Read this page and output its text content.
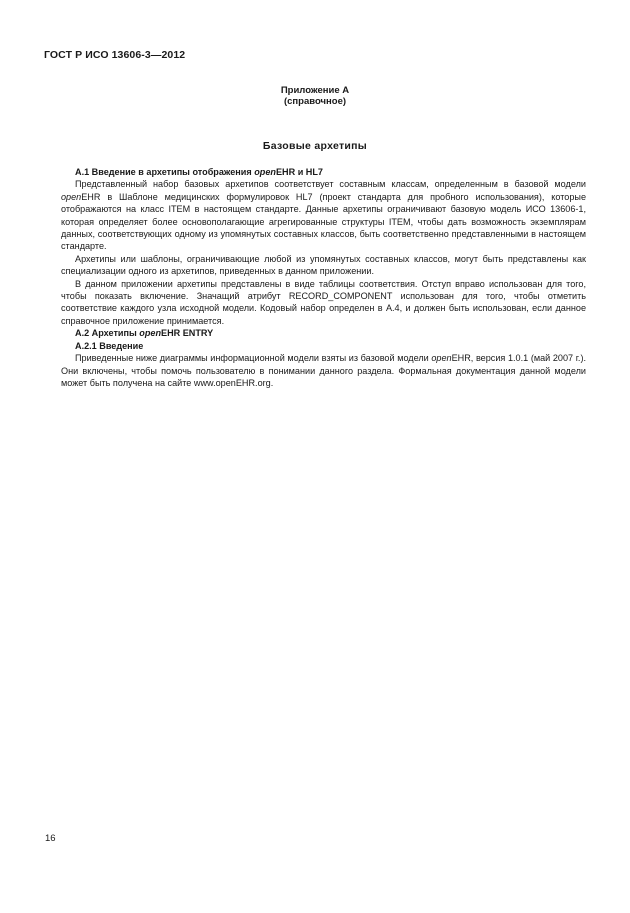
ГОСТ Р ИСО 13606-3—2012
Приложение А
(справочное)
Базовые архетипы
A.1 Введение в архетипы отображения openEHR и HL7

Представленный набор базовых архетипов соответствует составным классам, определенным в базовой модели openEHR в Шаблоне медицинских формулировок HL7 (проект стандарта для пробного использования), которые отображаются на класс ITEM в настоящем стандарте. Данные архетипы ограничивают базовую модель ИСО 13606-1, которая определяет более основополагающие агрегированные структуры ITEM, чтобы дать возможность экземплярам данных, соответствующих одному из упомянутых составных классов, быть соответственно представленными в настоящем стандарте.

Архетипы или шаблоны, ограничивающие любой из упомянутых составных классов, могут быть представлены как специализации одного из архетипов, приведенных в данном приложении.

В данном приложении архетипы представлены в виде таблицы соответствия. Отступ вправо использован для того, чтобы показать включение. Значащий атрибут RECORD_COMPONENT использован для того, чтобы отметить соответствие каждого узла исходной модели. Кодовый набор определен в А.4, и должен быть использован, если данное справочное приложение принимается.

A.2 Архетипы openEHR ENTRY
A.2.1 Введение

Приведенные ниже диаграммы информационной модели взяты из базовой модели openEHR, версия 1.0.1 (май 2007 г.). Они включены, чтобы помочь пользователю в понимании данного раздела. Формальная документация данной модели может быть получена на сайте www.openEHR.org.

16
